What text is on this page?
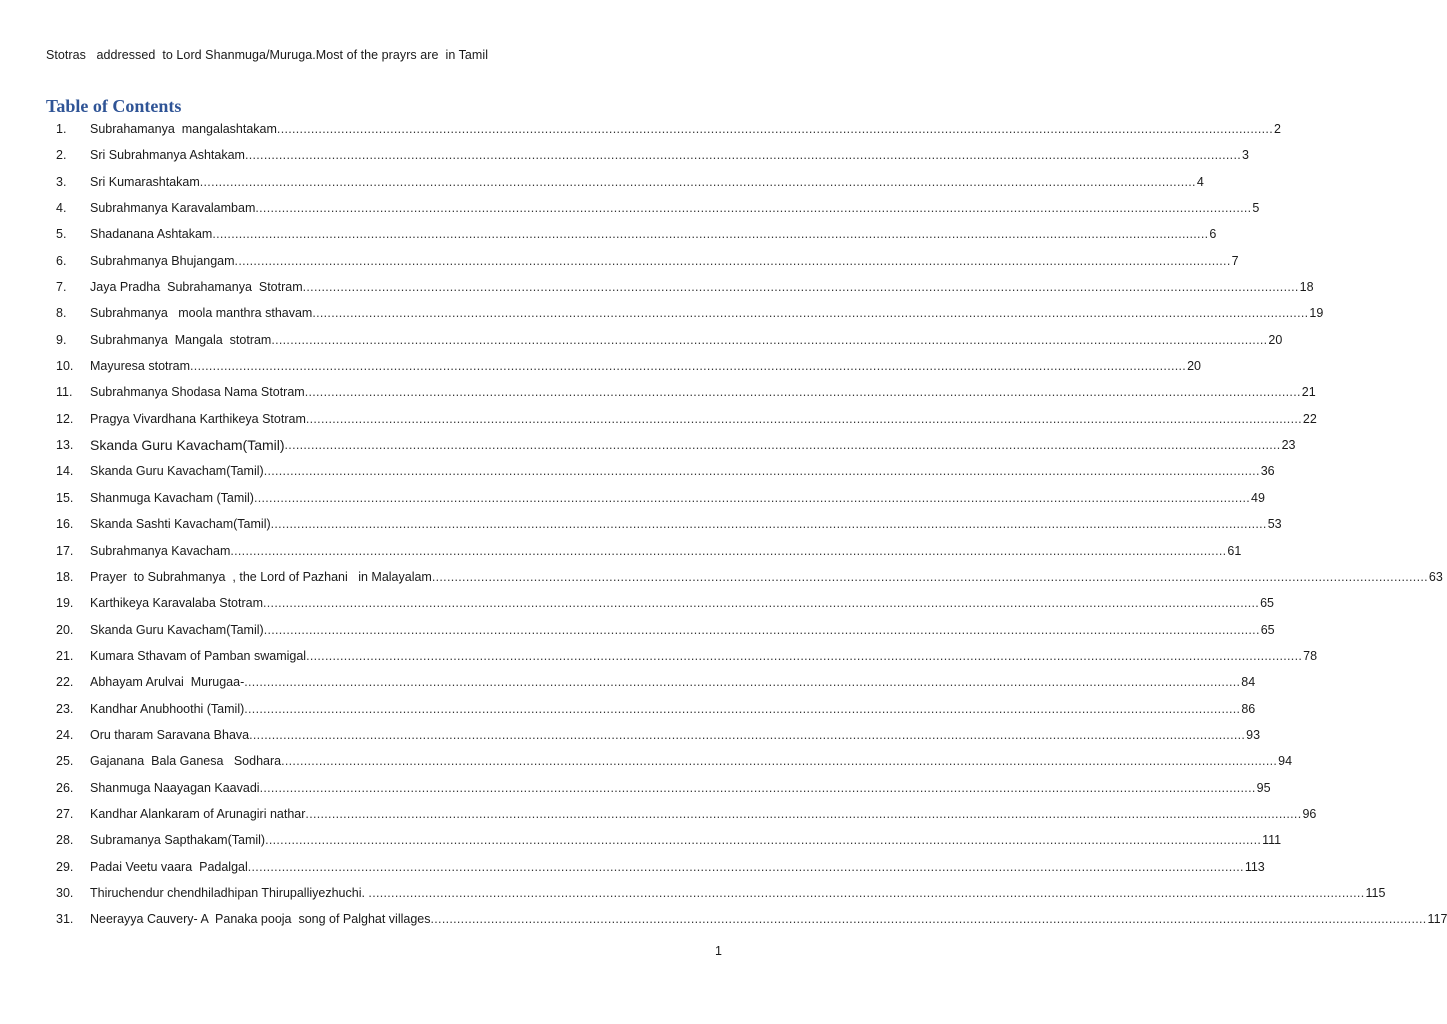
Stotras   addressed  to Lord Shanmuga/Muruga.Most of the prayrs are  in Tamil
Table of Contents
1.	Subrahamanya  mangalashtakam .....	2
2.	Sri Subrahmanya Ashtakam .....	3
3.	Sri Kumarashtakam .....	4
4.	Subrahmanya Karavalambam .....	5
5.	Shadanana Ashtakam .....	6
6.	Subrahmanya Bhujangam .....	7
7.	Jaya Pradha  Subrahamanya  Stotram .....	18
8.	Subrahmanya   moola manthra sthavam .....	19
9.	Subrahmanya  Mangala  stotram .....	20
10.	Mayuresa stotram .....	20
11.	Subrahmanya Shodasa Nama Stotram .....	21
12.	Pragya Vivardhana Karthikeya Stotram .....	22
13.	Skanda Guru Kavacham(Tamil) .....	23
14.	Skanda Guru Kavacham(Tamil) .....	36
15.	Shanmuga Kavacham (Tamil) .....	49
16.	Skanda Sashti Kavacham(Tamil) .....	53
17.	Subrahmanya Kavacham .....	61
18.	Prayer  to Subrahmanya  , the Lord of Pazhani   in Malayalam .....	63
19.	Karthikeya Karavalaba Stotram .....	65
20.	Skanda Guru Kavacham(Tamil) .....	65
21.	Kumara Sthavam of Pamban swamigal .....	78
22.	Abhayam Arulvai  Murugaa- .....	84
23.	Kandhar Anubhoothi (Tamil) .....	86
24.	Oru tharam Saravana Bhava .....	93
25.	Gajanana  Bala Ganesa   Sodhara .....	94
26.	Shanmuga Naayagan Kaavadi .....	95
27.	Kandhar Alankaram of Arunagiri nathar .....	96
28.	Subramanya Sapthakam(Tamil) .....	111
29.	Padai Veetu vaara  Padalgal .....	113
30.	Thiruchendur chendhiladhipan Thirupalliyezhuchi. .....	115
31.	Neerayya Cauvery- A  Panaka pooja  song of Palghat villages .....	117
1
